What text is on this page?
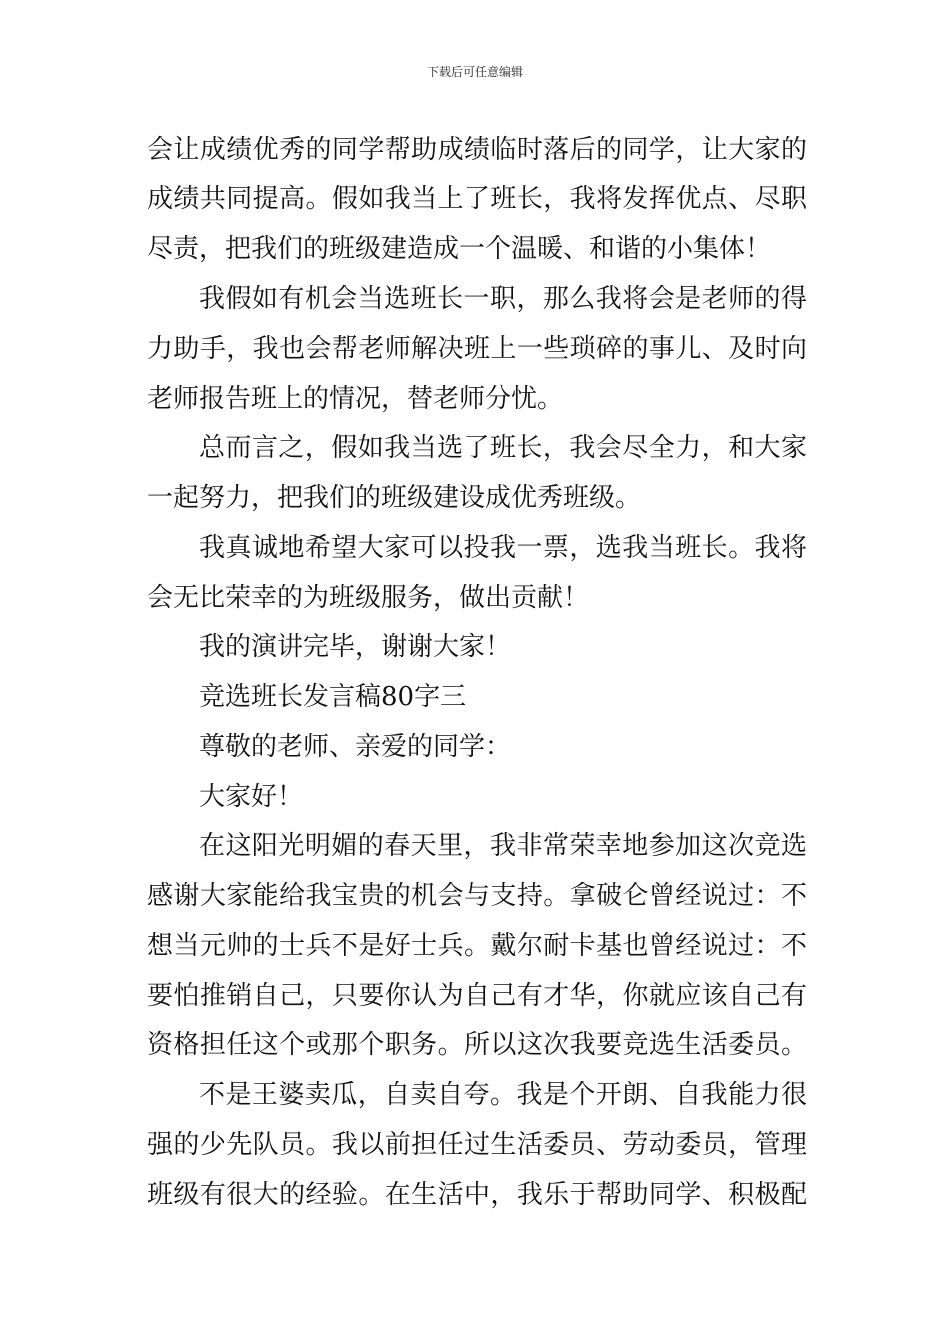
下载后可任意编辑
会让成绩优秀的同学帮助成绩临时落后的同学，让大家的
成绩共同提高。假如我当上了班长，我将发挥优点、尽职
尽责，把我们的班级建造成一个温暖、和谐的小集体！
我假如有机会当选班长一职，那么我将会是老师的得
力助手，我也会帮老师解决班上一些琐碎的事儿、及时向
老师报告班上的情况，替老师分忧。
总而言之，假如我当选了班长，我会尽全力，和大家
一起努力，把我们的班级建设成优秀班级。
我真诚地希望大家可以投我一票，选我当班长。我将
会无比荣幸的为班级服务，做出贡献！
我的演讲完毕，谢谢大家！
竞选班长发言稿80字三
尊敬的老师、亲爱的同学：
大家好！
在这阳光明媚的春天里，我非常荣幸地参加这次竞选
感谢大家能给我宝贵的机会与支持。拿破仑曾经说过：不
想当元帅的士兵不是好士兵。戴尔耐卡基也曾经说过：不
要怕推销自己，只要你认为自己有才华，你就应该自己有
资格担任这个或那个职务。所以这次我要竞选生活委员。
不是王婆卖瓜，自卖自夸。我是个开朗、自我能力很
强的少先队员。我以前担任过生活委员、劳动委员，管理
班级有很大的经验。在生活中，我乐于帮助同学、积极配
